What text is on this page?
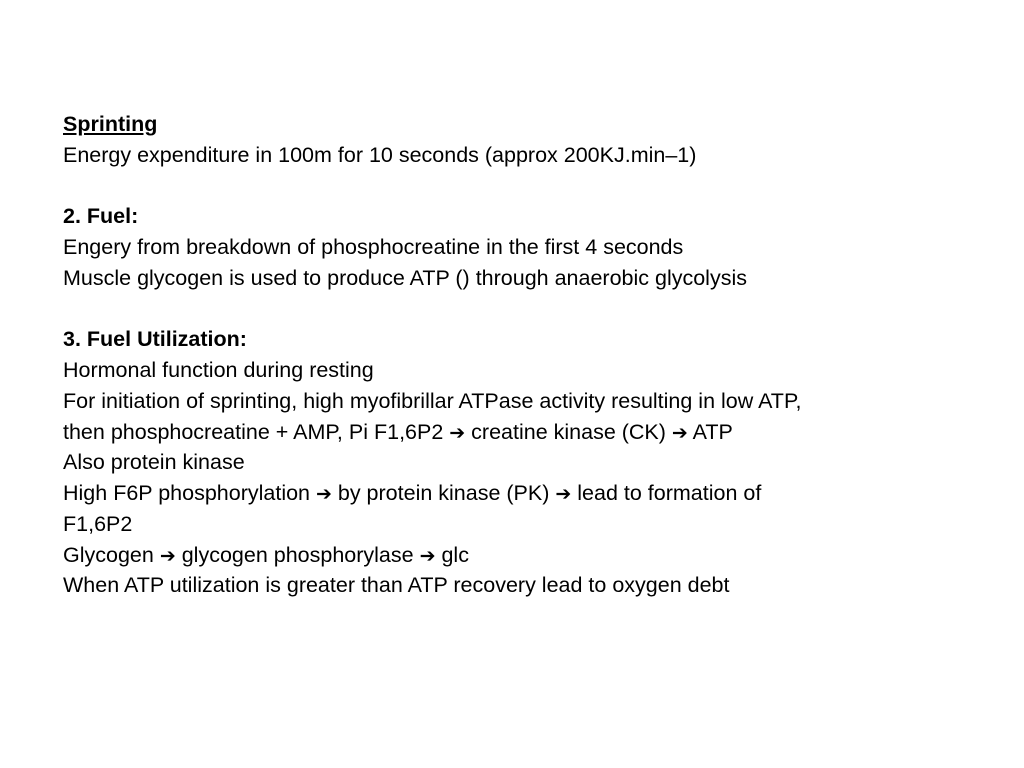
Sprinting
Energy expenditure in 100m for 10 seconds (approx 200KJ.min–1)
2. Fuel:
Engery from breakdown of phosphocreatine in the first 4 seconds
Muscle glycogen is used to produce ATP () through anaerobic glycolysis
3. Fuel Utilization:
Hormonal function during resting
For initiation of sprinting, high myofibrillar ATPase activity resulting in low ATP,
then phosphocreatine + AMP, Pi F1,6P2 ➔ creatine kinase (CK) ➔ ATP
Also protein kinase
High F6P phosphorylation ➔ by protein kinase (PK) ➔ lead to formation of
F1,6P2
Glycogen ➔ glycogen phosphorylase ➔ glc
When ATP utilization is greater than ATP recovery lead to oxygen debt
